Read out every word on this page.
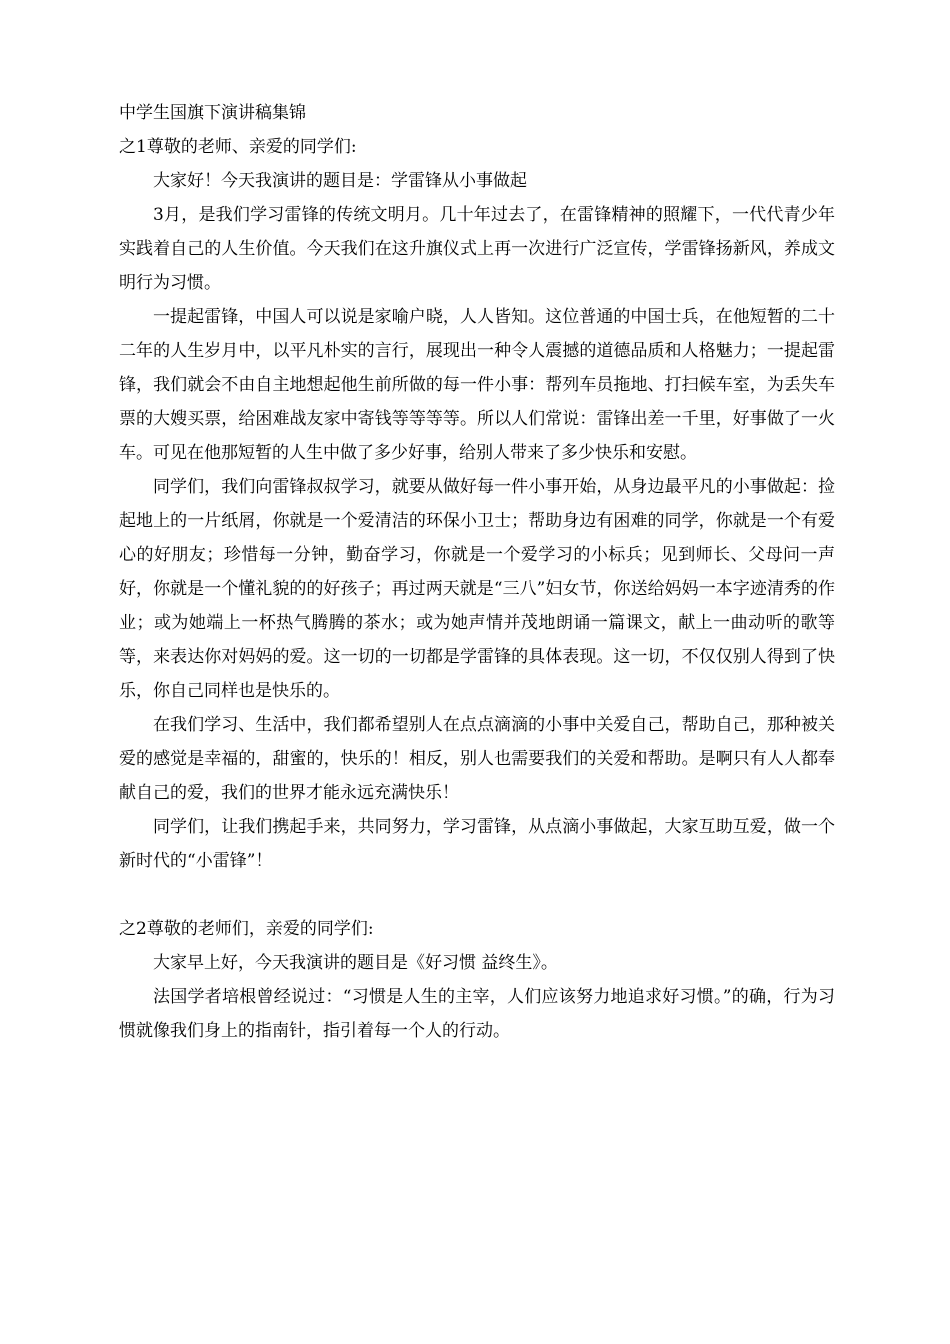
中学生国旗下演讲稿集锦

之1尊敬的老师、亲爱的同学们:

大家好！今天我演讲的题目是：学雷锋从小事做起

3月，是我们学习雷锋的传统文明月。几十年过去了，在雷锋精神的照耀下，一代代青少年实践着自己的人生价值。今天我们在这升旗仪式上再一次进行广泛宣传，学雷锋扬新风，养成文明行为习惯。

一提起雷锋，中国人可以说是家喻户晓，人人皆知。这位普通的中国士兵，在他短暂的二十二年的人生岁月中，以平凡朴实的言行，展现出一种令人震撼的道德品质和人格魅力；一提起雷锋，我们就会不由自主地想起他生前所做的每一件小事：帮列车员拖地、打扫候车室，为丢失车票的大嫂买票，给困难战友家中寄钱等等等等。所以人们常说：雷锋出差一千里，好事做了一火车。可见在他那短暂的人生中做了多少好事，给别人带来了多少快乐和安慰。

同学们，我们向雷锋叔叔学习，就要从做好每一件小事开始，从身边最平凡的小事做起：捡起地上的一片纸屑，你就是一个爱清洁的环保小卫士；帮助身边有困难的同学，你就是一个有爱心的好朋友；珍惜每一分钟，勤奋学习，你就是一个爱学习的小标兵；见到师长、父母问一声好，你就是一个懂礼貌的的好孩子；再过两天就是“三八”妇女节，你送给妈妈一本字迹清秀的作业；或为她端上一杯热气腾腾的茶水；或为她声情并茂地朗诵一篇课文，献上一曲动听的歌等等，来表达你对妈妈的爱。这一切的一切都是学雷锋的具体表现。这一切，不仅仅别人得到了快乐，你自己同样也是快乐的。

在我们学习、生活中，我们都希望别人在点点滴滴的小事中关爱自己，帮助自己，那种被关爱的感觉是幸福的，甜蜜的，快乐的！相反，别人也需要我们的关爱和帮助。是啊只有人人都奉献自己的爱，我们的世界才能永远充满快乐！

同学们，让我们携起手来，共同努力，学习雷锋，从点滴小事做起，大家互助互爱，做一个新时代的“小雷锋”！

之2尊敬的老师们，亲爱的同学们:

大家早上好，今天我演讲的题目是《好习惯 益终生》。

法国学者培根曾经说过：“习惯是人生的主宰，人们应该努力地追求好习惯。”的确，行为习惯就像我们身上的指南针，指引着每一个人的行动。
